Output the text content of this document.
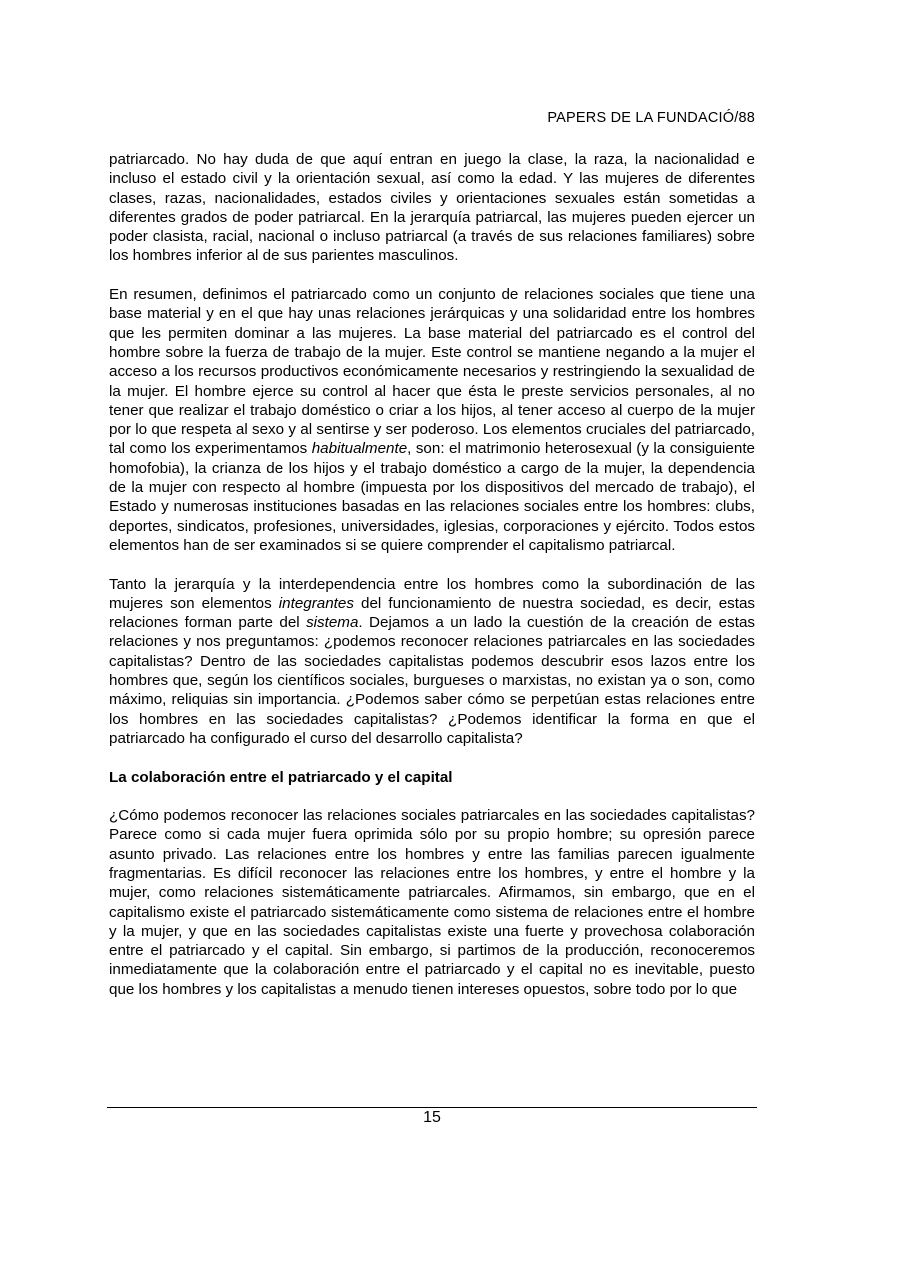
PAPERS DE LA FUNDACIÓ/88

patriarcado. No hay duda de que aquí entran en juego la clase, la raza, la nacionalidad e incluso el estado civil y la orientación sexual, así como la edad. Y las mujeres de diferentes clases, razas, nacionalidades, estados civiles y orientaciones sexuales están sometidas a diferentes grados de poder patriarcal. En la jerarquía patriarcal, las mujeres pueden ejercer un poder clasista, racial, nacional o incluso patriarcal (a través de sus relaciones familiares) sobre los hombres inferior al de sus parientes masculinos.

En resumen, definimos el patriarcado como un conjunto de relaciones sociales que tiene una base material y en el que hay unas relaciones jerárquicas y una solidaridad entre los hombres que les permiten dominar a las mujeres. La base material del patriarcado es el control del hombre sobre la fuerza de trabajo de la mujer. Este control se mantiene negando a la mujer el acceso a los recursos productivos económicamente necesarios y restringiendo la sexualidad de la mujer. El hombre ejerce su control al hacer que ésta le preste servicios personales, al no tener que realizar el trabajo doméstico o criar a los hijos, al tener acceso al cuerpo de la mujer por lo que respeta al sexo y al sentirse y ser poderoso. Los elementos cruciales del patriarcado, tal como los experimentamos habitualmente, son: el matrimonio heterosexual (y la consiguiente homofobia), la crianza de los hijos y el trabajo doméstico a cargo de la mujer, la dependencia de la mujer con respecto al hombre (impuesta por los dispositivos del mercado de trabajo), el Estado y numerosas instituciones basadas en las relaciones sociales entre los hombres: clubs, deportes, sindicatos, profesiones, universidades, iglesias, corporaciones y ejército. Todos estos elementos han de ser examinados si se quiere comprender el capitalismo patriarcal.

Tanto la jerarquía y la interdependencia entre los hombres como la subordinación de las mujeres son elementos integrantes del funcionamiento de nuestra sociedad, es decir, estas relaciones forman parte del sistema. Dejamos a un lado la cuestión de la creación de estas relaciones y nos preguntamos: ¿podemos reconocer relaciones patriarcales en las sociedades capitalistas? Dentro de las sociedades capitalistas podemos descubrir esos lazos entre los hombres que, según los científicos sociales, burgueses o marxistas, no existan ya o son, como máximo, reliquias sin importancia. ¿Podemos saber cómo se perpetúan estas relaciones entre los hombres en las sociedades capitalistas? ¿Podemos identificar la forma en que el patriarcado ha configurado el curso del desarrollo capitalista?

La colaboración entre el patriarcado y el capital

¿Cómo podemos reconocer las relaciones sociales patriarcales en las sociedades capitalistas? Parece como si cada mujer fuera oprimida sólo por su propio hombre; su opresión parece asunto privado. Las relaciones entre los hombres y entre las familias parecen igualmente fragmentarias. Es difícil reconocer las relaciones entre los hombres, y entre el hombre y la mujer, como relaciones sistemáticamente patriarcales. Afirmamos, sin embargo, que en el capitalismo existe el patriarcado sistemáticamente como sistema de relaciones entre el hombre y la mujer, y que en las sociedades capitalistas existe una fuerte y provechosa colaboración entre el patriarcado y el capital. Sin embargo, si partimos de la producción, reconoceremos inmediatamente que la colaboración entre el patriarcado y el capital no es inevitable, puesto que los hombres y los capitalistas a menudo tienen intereses opuestos, sobre todo por lo que

15
